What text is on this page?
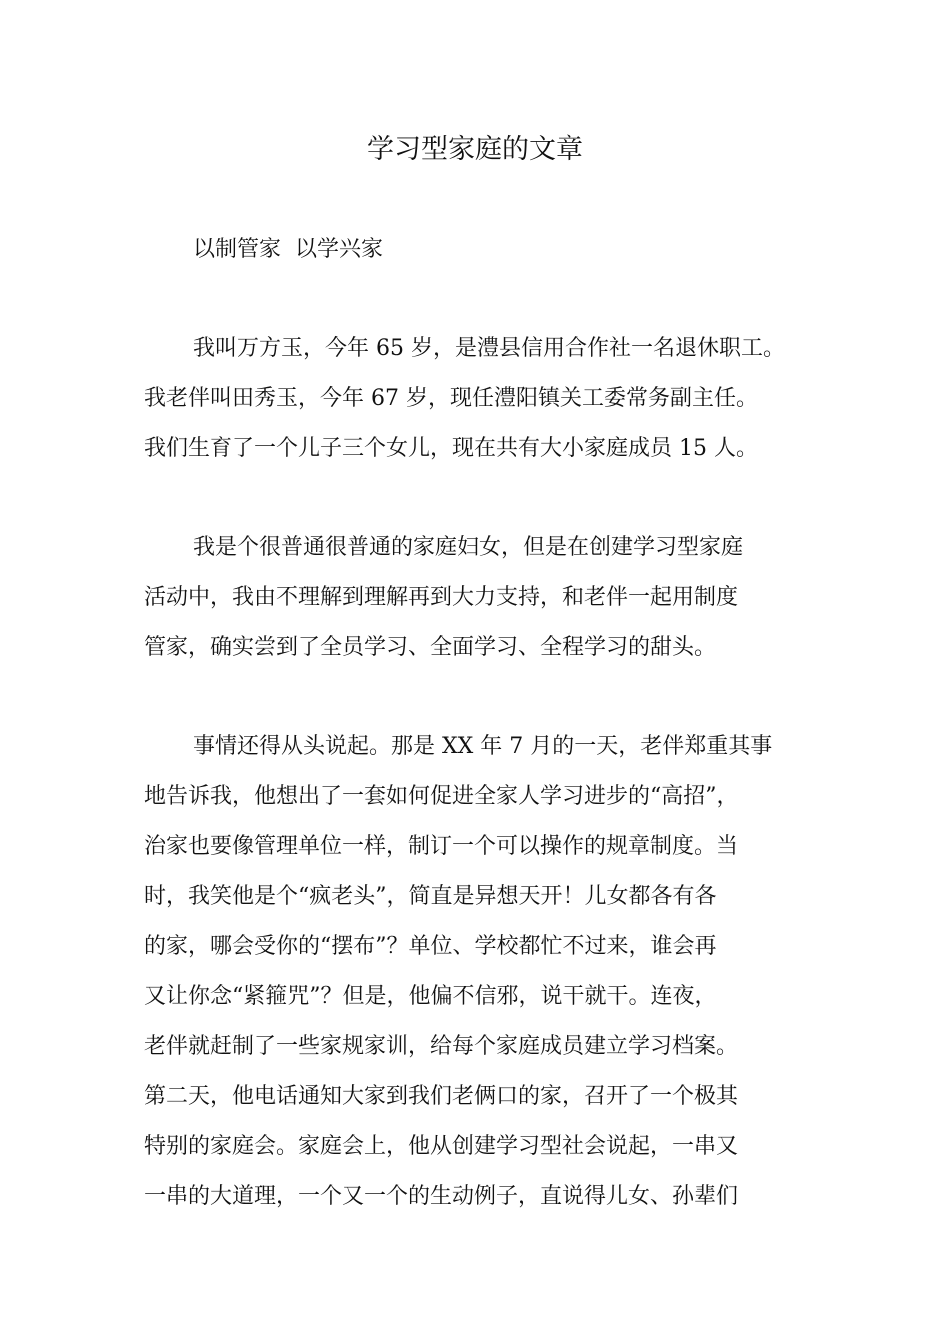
学习型家庭的文章
以制管家  以学兴家
我叫万方玉，今年 65 岁，是澧县信用合作社一名退休职工。
我老伴叫田秀玉，今年 67 岁，现任澧阳镇关工委常务副主任。
我们生育了一个儿子三个女儿，现在共有大小家庭成员 15 人。
我是个很普通很普通的家庭妇女，但是在创建学习型家庭
活动中，我由不理解到理解再到大力支持，和老伴一起用制度
管家，确实尝到了全员学习、全面学习、全程学习的甜头。
事情还得从头说起。那是 XX 年 7 月的一天，老伴郑重其事
地告诉我，他想出了一套如何促进全家人学习进步的“高招”，
治家也要像管理单位一样，制订一个可以操作的规章制度。当
时，我笑他是个“疯老头”，简直是异想天开！儿女都各有各
的家，哪会受你的“摆布”？单位、学校都忙不过来，谁会再
又让你念“紧箍咒”？但是，他偏不信邪，说干就干。连夜，
老伴就赶制了一些家规家训，给每个家庭成员建立学习档案。
第二天，他电话通知大家到我们老俩口的家，召开了一个极其
特别的家庭会。家庭会上，他从创建学习型社会说起，一串又
一串的大道理，一个又一个的生动例子，直说得儿女、孙辈们
